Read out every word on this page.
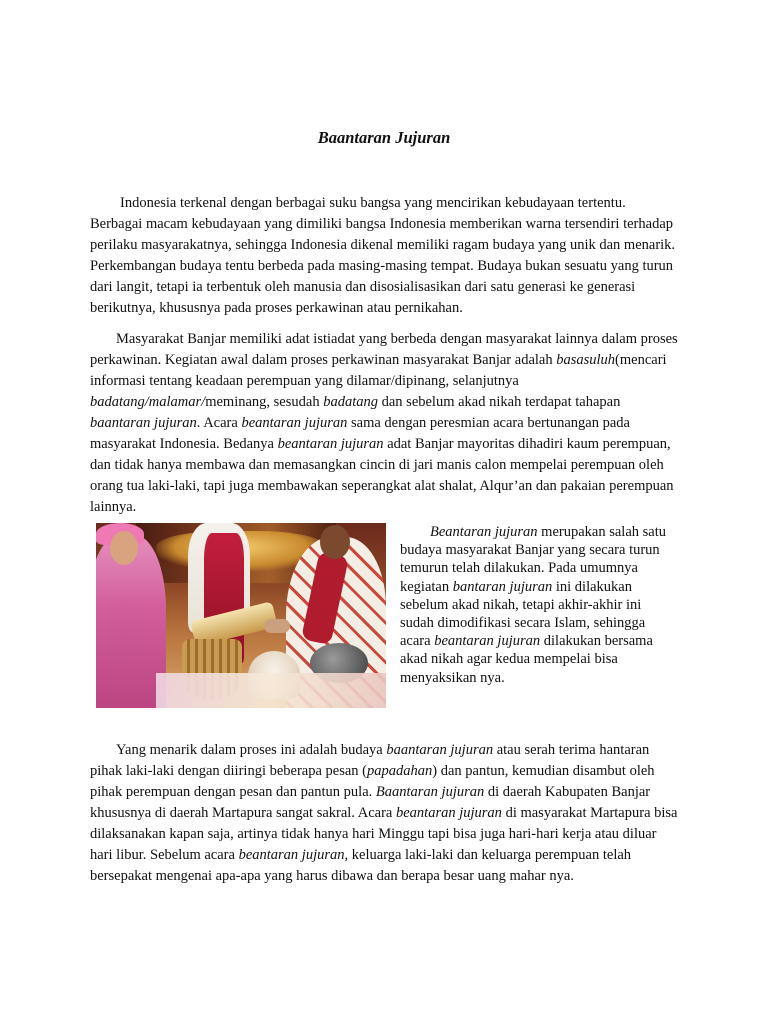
Baantaran Jujuran

Indonesia terkenal dengan berbagai suku bangsa yang mencirikan kebudayaan tertentu. Berbagai macam kebudayaan yang dimiliki bangsa Indonesia memberikan warna tersendiri terhadap perilaku masyarakatnya, sehingga Indonesia dikenal memiliki ragam budaya yang unik dan menarik. Perkembangan budaya tentu berbeda pada masing-masing tempat. Budaya bukan sesuatu yang turun dari langit, tetapi ia terbentuk oleh manusia dan disosialisasikan dari satu generasi ke generasi berikutnya, khususnya pada proses perkawinan atau pernikahan.

Masyarakat Banjar memiliki adat istiadat yang berbeda dengan masyarakat lainnya dalam proses perkawinan. Kegiatan awal dalam proses perkawinan masyarakat Banjar adalah basasuluh(mencari informasi tentang keadaan perempuan yang dilamar/dipinang, selanjutnya badatang/malamar/meminang, sesudah badatang dan sebelum akad nikah terdapat tahapan baantaran jujuran. Acara beantaran jujuran sama dengan peresmian acara bertunangan pada masyarakat Indonesia. Bedanya beantaran jujuran adat Banjar mayoritas dihadiri kaum perempuan, dan tidak hanya membawa dan memasangkan cincin di jari manis calon mempelai perempuan oleh orang tua laki-laki, tapi juga membawakan seperangkat alat shalat, Alqur’an dan pakaian perempuan lainnya.

Beantaran jujuran merupakan salah satu budaya masyarakat Banjar yang secara turun temurun telah dilakukan. Pada umumnya kegiatan bantaran jujuran ini dilakukan sebelum akad nikah, tetapi akhir-akhir ini sudah dimodifikasi secara Islam, sehingga acara beantaran jujuran dilakukan bersama akad nikah agar kedua mempelai bisa menyaksikan nya.

Yang menarik dalam proses ini adalah budaya baantaran jujuran atau serah terima hantaran pihak laki-laki dengan diiringi beberapa pesan (papadahan) dan pantun, kemudian disambut oleh pihak perempuan dengan pesan dan pantun pula. Baantaran jujuran di daerah Kabupaten Banjar khususnya di daerah Martapura sangat sakral. Acara beantaran jujuran di masyarakat Martapura bisa dilaksanakan kapan saja, artinya tidak hanya hari Minggu tapi bisa juga hari-hari kerja atau diluar hari libur. Sebelum acara beantaran jujuran, keluarga laki-laki dan keluarga perempuan telah bersepakat mengenai apa-apa yang harus dibawa dan berapa besar uang mahar nya.
